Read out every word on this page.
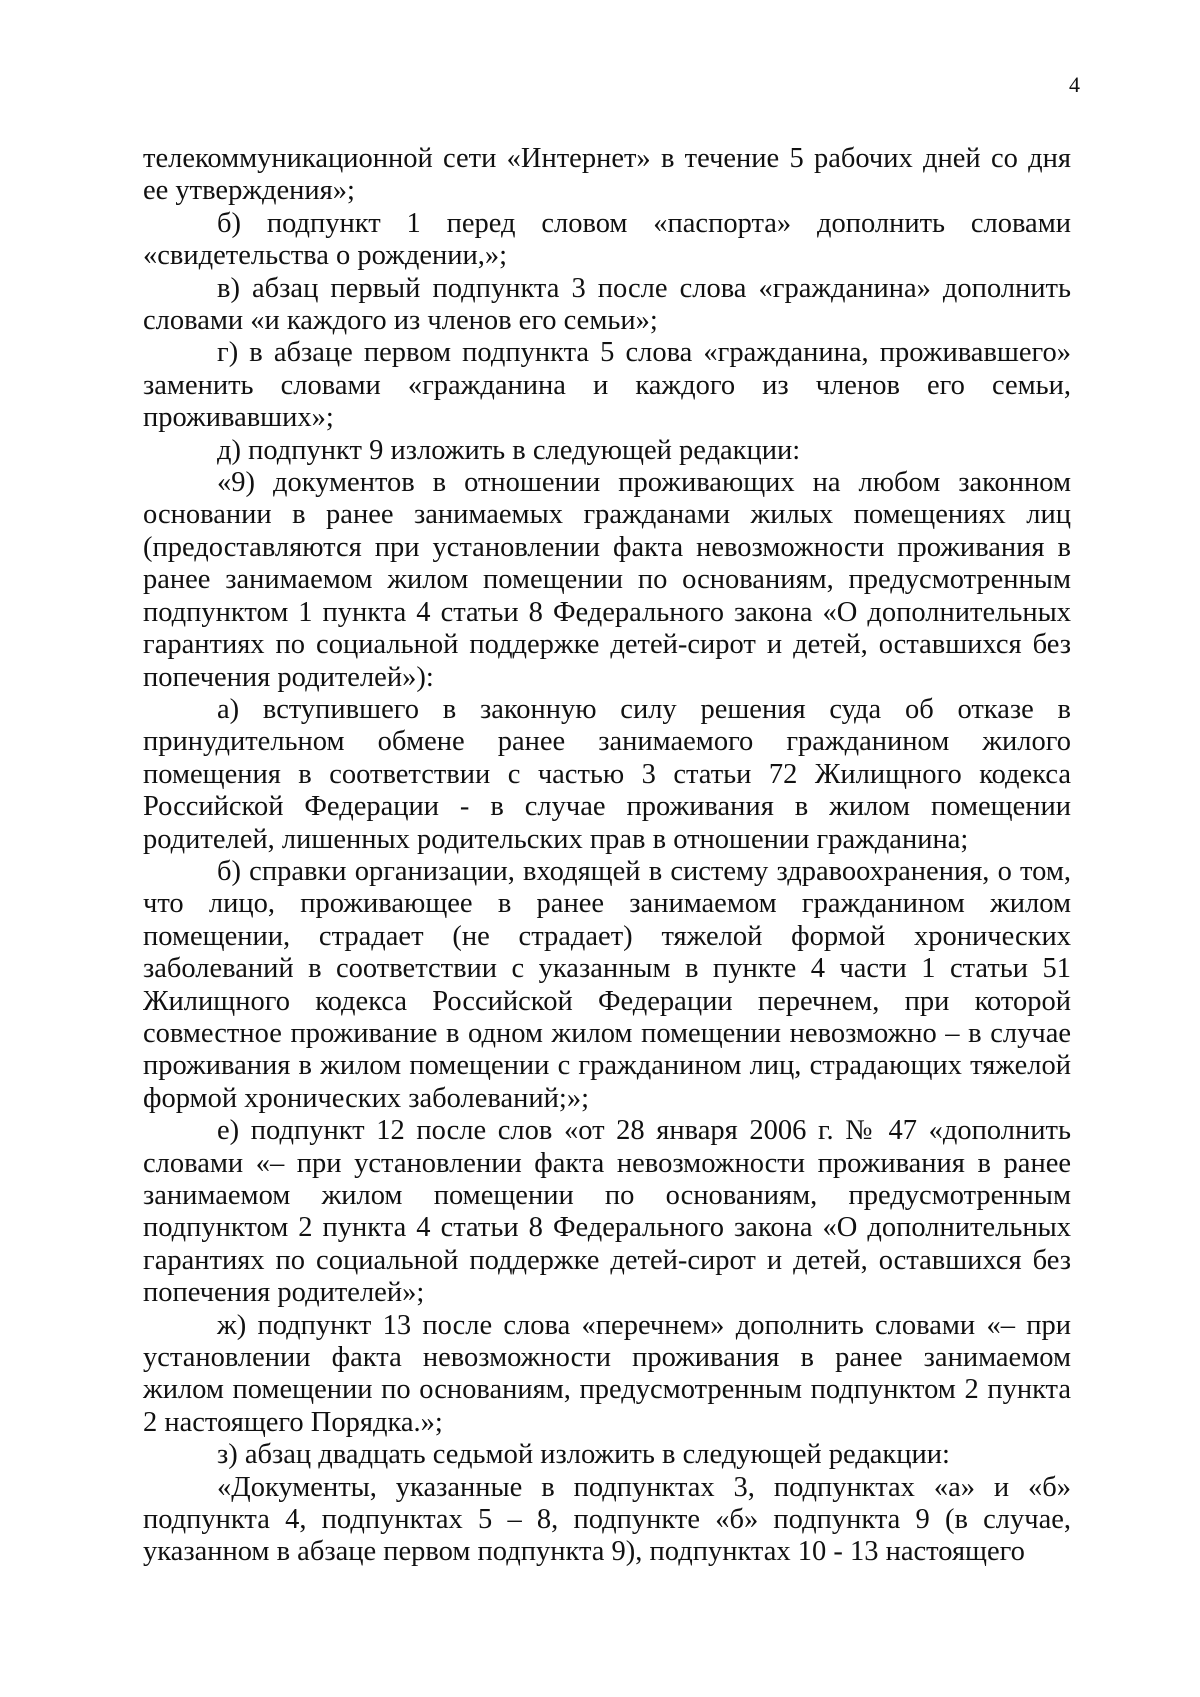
4

телекоммуникационной сети «Интернет» в течение 5 рабочих дней со дня ее утверждения»;

б) подпункт 1 перед словом «паспорта» дополнить словами «свидетельства о рождении,»;

в) абзац первый подпункта 3 после слова «гражданина» дополнить словами «и каждого из членов его семьи»;

г) в абзаце первом подпункта 5 слова «гражданина, проживавшего» заменить словами «гражданина и каждого из членов его семьи, проживавших»;

д) подпункт 9 изложить в следующей редакции:

«9) документов в отношении проживающих на любом законном основании в ранее занимаемых гражданами жилых помещениях лиц (предоставляются при установлении факта невозможности проживания в ранее занимаемом жилом помещении по основаниям, предусмотренным подпунктом 1 пункта 4 статьи 8 Федерального закона «О дополнительных гарантиях по социальной поддержке детей-сирот и детей, оставшихся без попечения родителей»):

а) вступившего в законную силу решения суда об отказе в принудительном обмене ранее занимаемого гражданином жилого помещения в соответствии с частью 3 статьи 72 Жилищного кодекса Российской Федерации - в случае проживания в жилом помещении родителей, лишенных родительских прав в отношении гражданина;

б) справки организации, входящей в систему здравоохранения, о том, что лицо, проживающее в ранее занимаемом гражданином жилом помещении, страдает (не страдает) тяжелой формой хронических заболеваний в соответствии с указанным в пункте 4 части 1 статьи 51 Жилищного кодекса Российской Федерации перечнем, при которой совместное проживание в одном жилом помещении невозможно – в случае проживания в жилом помещении с гражданином лиц, страдающих тяжелой формой хронических заболеваний;»;

е) подпункт 12 после слов «от 28 января 2006 г. № 47 «дополнить словами «– при установлении факта невозможности проживания в ранее занимаемом жилом помещении по основаниям, предусмотренным подпунктом 2 пункта 4 статьи 8 Федерального закона «О дополнительных гарантиях по социальной поддержке детей-сирот и детей, оставшихся без попечения родителей»;

ж) подпункт 13 после слова «перечнем» дополнить словами «– при установлении факта невозможности проживания в ранее занимаемом жилом помещении по основаниям, предусмотренным подпунктом 2 пункта 2 настоящего Порядка.»;

з) абзац двадцать седьмой изложить в следующей редакции:

«Документы, указанные в подпунктах 3, подпунктах «а» и «б» подпункта 4, подпунктах 5 – 8, подпункте «б» подпункта 9 (в случае, указанном в абзаце первом подпункта 9), подпунктах 10 - 13 настоящего
